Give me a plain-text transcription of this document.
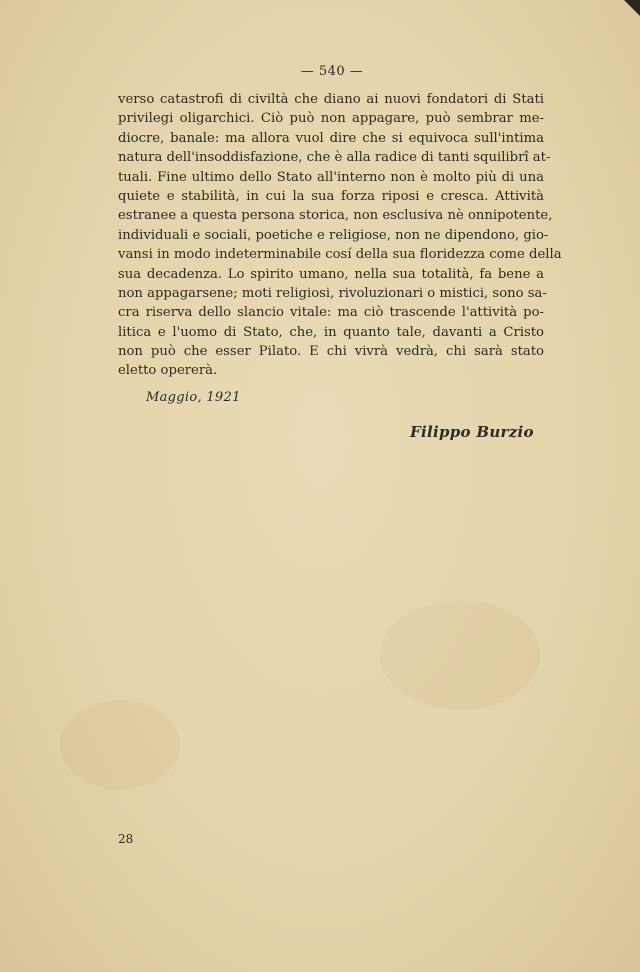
— 540 —
verso catastrofi di civiltà che diano ai nuovi fondatori di Stati
privilegi oligarchici. Ciò può non appagare, può sembrar me-
diocre, banale: ma allora vuol dire che si equivoca sull'intima
natura dell'insoddisfazione, che è alla radice di tanti squilibrî at-
tuali. Fine ultimo dello Stato all'interno non è molto più di una
quiete e stabilità, in cui la sua forza riposi e cresca. Attività
estranee a questa persona storica, non esclusiva nè onnipotente,
individuali e sociali, poetiche e religiose, non ne dipendono, gio-
vansi in modo indeterminabile cosí della sua floridezza come della
sua decadenza. Lo spirito umano, nella sua totalità, fa bene a
non appagarsene; moti religiosi, rivoluzionari o mistici, sono sa-
cra riserva dello slancio vitale: ma ciò trascende l'attività po-
litica e l'uomo di Stato, che, in quanto tale, davanti a Cristo
non può che esser Pilato. E chi vivrà vedrà, chi sarà stato
eletto opererà.
Maggio, 1921
Filippo Burzio
28
